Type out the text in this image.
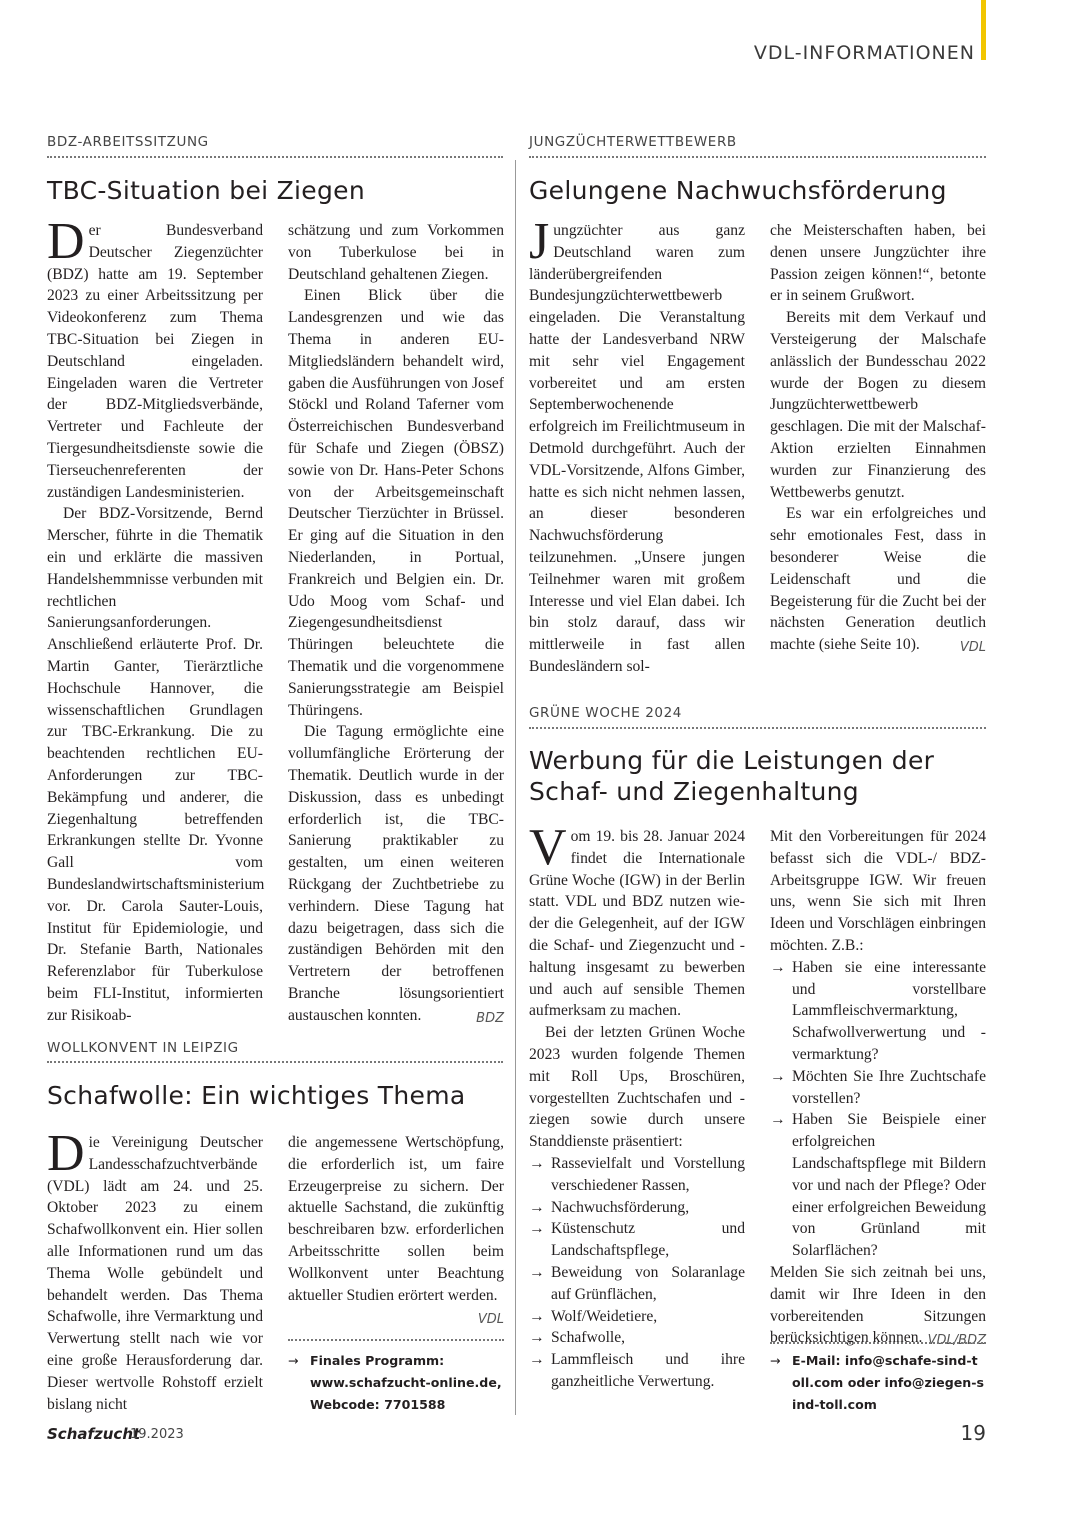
VDL-INFORMATIONEN
BDZ-ARBEITSSITZUNG
TBC-Situation bei Ziegen

Der Bundesverband Deutscher Ziegenzüchter (BDZ) hatte am 19. September 2023 zu einer Arbeitssitzung per Videokonferenz zum Thema TBC-Situation bei Ziegen in Deutschland eingeladen. Eingeladen waren die Vertreter der BDZ-Mitgliedsverbände, Vertreter und Fachleute der Tiergesundheitsdienste sowie die Tierseuchenreferenten der zuständigen Landesministerien.

Der BDZ-Vorsitzende, Bernd Merscher, führte in die Thematik ein und erklärte die massiven Handelshemmnisse verbunden mit rechtlichen Sanierungsanforderungen. Anschließend erläuterte Prof. Dr. Martin Ganter, Tierärztliche Hochschule Hannover, die wissenschaftlichen Grundlagen zur TBC-Erkrankung. Die zu beachtenden rechtlichen EU-Anforderungen zur TBC-Bekämpfung und anderer, die Ziegenhaltung betreffenden Erkrankungen stellte Dr. Yvonne Gall vom Bundeslandwirtschaftsministerium vor. Dr. Carola Sauter-Louis, Institut für Epidemiologie, und Dr. Stefanie Barth, Nationales Referenzlabor für Tuberkulose beim FLI-Institut, informierten zur Risikoab-

schätzung und zum Vorkommen von Tuberkulose bei in Deutschland gehaltenen Ziegen.

Einen Blick über die Landesgrenzen und wie das Thema in anderen EU-Mitgliedsländern behandelt wird, gaben die Ausführungen von Josef Stöckl und Roland Taferner vom Österreichischen Bundesverband für Schafe und Ziegen (ÖBSZ) sowie von Dr. Hans-Peter Schons von der Arbeitsgemeinschaft Deutscher Tierzüchter in Brüssel. Er ging auf die Situation in den Niederlanden, in Portual, Frankreich und Belgien ein. Dr. Udo Moog vom Schaf- und Ziegengesundheitsdienst Thüringen beleuchtete die Thematik und die vorgenommene Sanierungsstrategie am Beispiel Thüringens.

Die Tagung ermöglichte eine vollumfängliche Erörterung der Thematik. Deutlich wurde in der Diskussion, dass es unbedingt erforderlich ist, die TBC-Sanierung praktikabler zu gestalten, um einen weiteren Rückgang der Zuchtbetriebe zu verhindern. Diese Tagung hat dazu beigetragen, dass sich die zuständigen Behörden mit den Vertretern der betroffenen Branche lösungsorientiert austauschen konnten.	BDZ

JUNGZÜCHTERWETTBEWERB
Gelungene Nachwuchsförderung

Jungzüchter aus ganz Deutschland waren zum länderübergreifenden Bundesjungzüchterwettbewerb eingeladen. Die Veranstaltung hatte der Landesverband NRW mit sehr viel Engagement vorbereitet und am ersten Septemberwochenende erfolgreich im Freilichtmuseum in Detmold durchgeführt. Auch der VDL-Vorsitzende, Alfons Gimber, hatte es sich nicht nehmen lassen, an dieser besonderen Nachwuchsförderung teilzunehmen. „Unsere jungen Teilnehmer waren mit großem Interesse und viel Elan dabei. Ich bin stolz darauf, dass wir mittlerweile in fast allen Bundesländern sol-

che Meisterschaften haben, bei denen unsere Jungzüchter ihre Passion zeigen können!“, betonte er in seinem Grußwort.

Bereits mit dem Verkauf und Versteigerung der Malschafe anlässlich der Bundesschau 2022 wurde der Bogen zu diesem Jungzüchterwettbewerb geschlagen. Die mit der Malschaf-Aktion erzielten Einnahmen wurden zur Finanzierung des Wettbewerbs genutzt.

Es war ein erfolgreiches und sehr emotionales Fest, dass in besonderer Weise die Leidenschaft und die Begeisterung für die Zucht bei der nächsten Generation deutlich machte (siehe Seite 10).	VDL

GRÜNE WOCHE 2024
Werbung für die Leistungen der
Schaf- und Ziegenhaltung

Vom 19. bis 28. Januar 2024 findet die Internationale Grüne Woche (IGW) in der Berlin statt. VDL und BDZ nutzen wie-der die Gelegenheit, auf der IGW die Schaf- und Ziegenzucht und -haltung insgesamt zu bewerben und auch auf sensible Themen aufmerksam zu machen.

Bei der letzten Grünen Woche 2023 wurden folgende Themen mit Roll Ups, Broschüren, vorgestellten Zuchtschafen und -ziegen sowie durch unsere Standdienste präsentiert:

→ Rassevielfalt und Vorstellung verschiedener Rassen,
→ Nachwuchsförderung,
→ Küstenschutz und Landschaftspflege,
→ Beweidung von Solaranlage auf Grünflächen,
→ Wolf/Weidetiere,
→ Schafwolle,
→ Lammfleisch und ihre ganzheitliche Verwertung.

Mit den Vorbereitungen für 2024 befasst sich die VDL-/ BDZ-Arbeitsgruppe IGW. Wir freuen uns, wenn Sie sich mit Ihren Ideen und Vorschlägen einbringen möchten. Z.B.:

→ Haben sie eine interessante und vorstellbare Lammfleischvermarktung, Schafwollverwertung und -vermarktung?
→ Möchten Sie Ihre Zuchtschafe vorstellen?
→ Haben Sie Beispiele einer erfolgreichen Landschaftspflege mit Bildern vor und nach der Pflege? Oder einer erfolgreichen Beweidung von Grünland mit Solarflächen?

Melden Sie sich zeitnah bei uns, damit wir Ihre Ideen in den vorbereitenden Sitzungen berücksichtigen können. VDL/BDZ

→ E-Mail: info@schafe-sind-toll.com oder info@ziegen-sind-toll.com
WOLLKONVENT IN LEIPZIG
Schafwolle: Ein wichtiges Thema

Die Vereinigung Deutscher Landesschafzuchtverbände (VDL) lädt am 24. und 25. Oktober 2023 zu einem Schafwollkonvent ein. Hier sollen alle Informationen rund um das Thema Wolle gebündelt und behandelt werden. Das Thema Schafwolle, ihre Vermarktung und Verwertung stellt nach wie vor eine große Herausforderung dar. Dieser wertvolle Rohstoff erzielt bislang nicht

die angemessene Wertschöpfung, die erforderlich ist, um faire Erzeugerpreise zu sichern. Der aktuelle Sachstand, die zukünftig beschreibaren bzw. erforderlichen Arbeitsschritte sollen beim Wollkonvent unter Beachtung aktueller Studien erörtert werden.
VDL

→ Finales Programm: www.schafzucht-online.de, Webcode: 7701588
Schafzucht
19.2023	19
